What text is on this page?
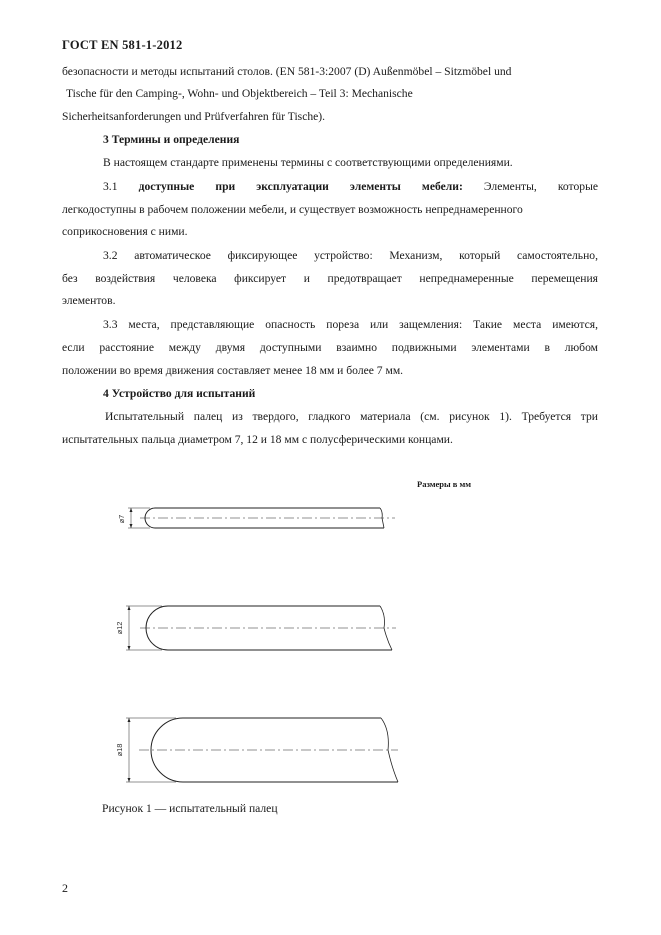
ГОСТ EN 581-1-2012
безопасности и методы испытаний столов. (EN 581-3:2007 (D) Außenmöbel – Sitzmöbel und
Tische für den Camping-, Wohn- und Objektbereich – Teil 3: Mechanische
Sicherheitsanforderungen und Prüfverfahren für Tische).
3 Термины и определения
В настоящем стандарте применены термины с соответствующими определениями.
3.1 доступные при эксплуатации элементы мебели: Элементы, которые
легкодоступны в рабочем положении мебели, и существует возможность непреднамеренного
соприкосновения с ними.
3.2 автоматическое фиксирующее устройство: Механизм, который самостоятельно,
без воздействия человека фиксирует и предотвращает непреднамеренные перемещения
элементов.
3.3 места, представляющие опасность пореза или защемления: Такие места имеются,
если расстояние между двумя доступными взаимно подвижными элементами в любом
положении во время движения составляет менее 18 мм и более 7 мм.
4 Устройство для испытаний
Испытательный палец из твердого, гладкого материала (см. рисунок 1). Требуется три
испытательных пальца диаметром 7, 12 и 18 мм с полусферическими концами.
Размеры в мм
⌀7
⌀12
⌀18
Рисунок 1 — испытательный палец
2
